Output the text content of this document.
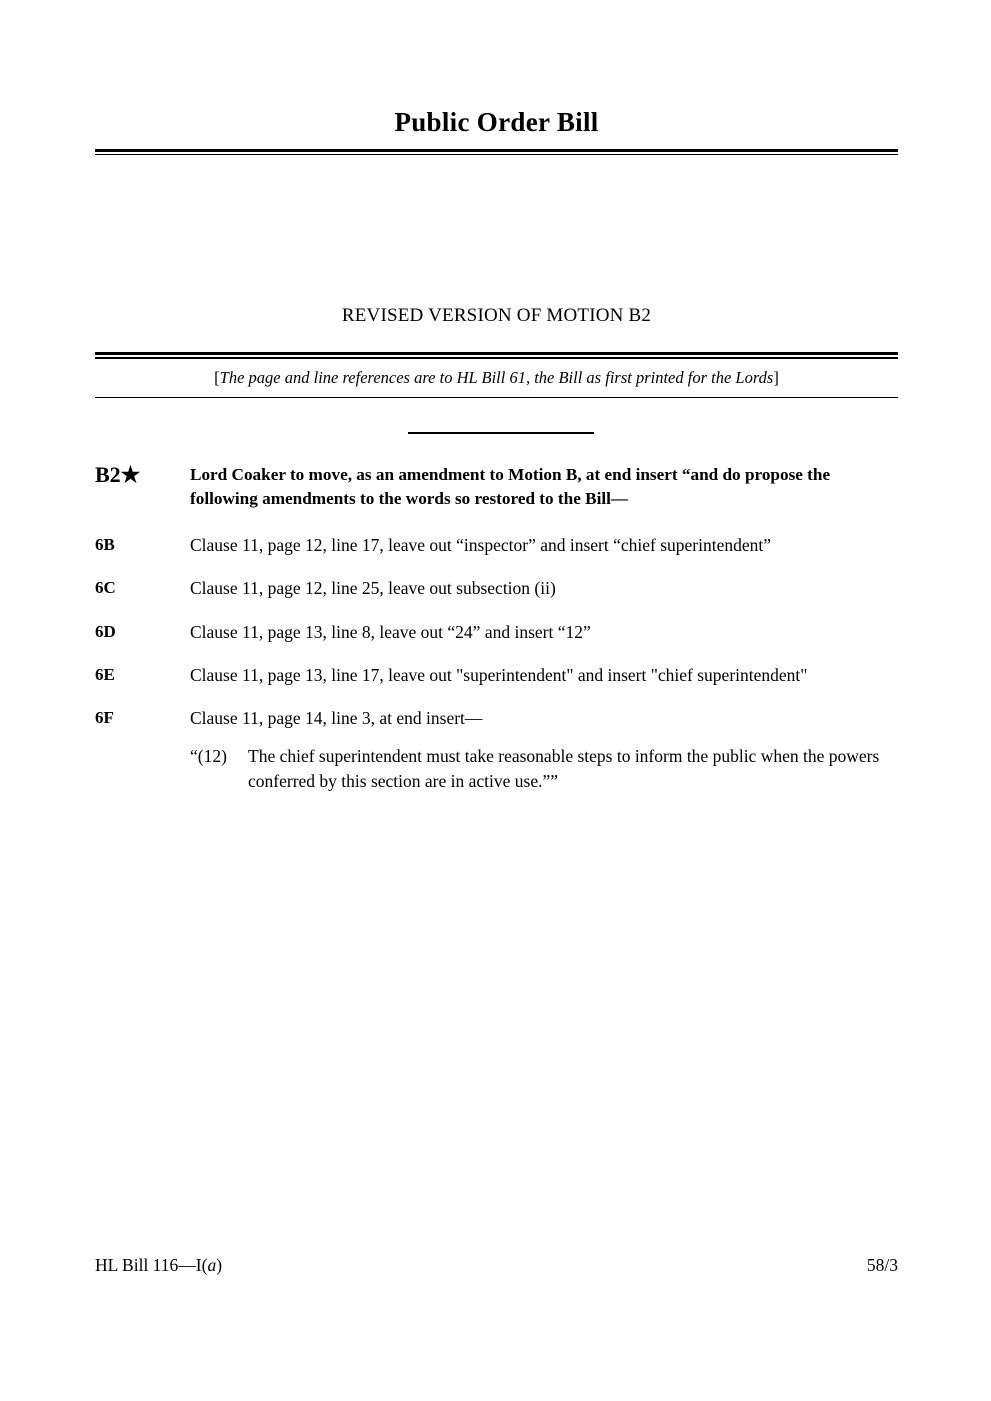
Public Order Bill
REVISED VERSION OF MOTION B2
[The page and line references are to HL Bill 61, the Bill as first printed for the Lords]
B2★	Lord Coaker to move, as an amendment to Motion B, at end insert “and do propose the following amendments to the words so restored to the Bill—
6B	Clause 11, page 12, line 17, leave out “inspector” and insert “chief superintendent”
6C	Clause 11, page 12, line 25, leave out subsection (ii)
6D	Clause 11, page 13, line 8, leave out “24” and insert “12”
6E	Clause 11, page 13, line 17, leave out "superintendent" and insert "chief superintendent"
6F	Clause 11, page 14, line 3, at end insert—
“(12)	The chief superintendent must take reasonable steps to inform the public when the powers conferred by this section are in active use.””
HL Bill 116—I(a)	58/3
